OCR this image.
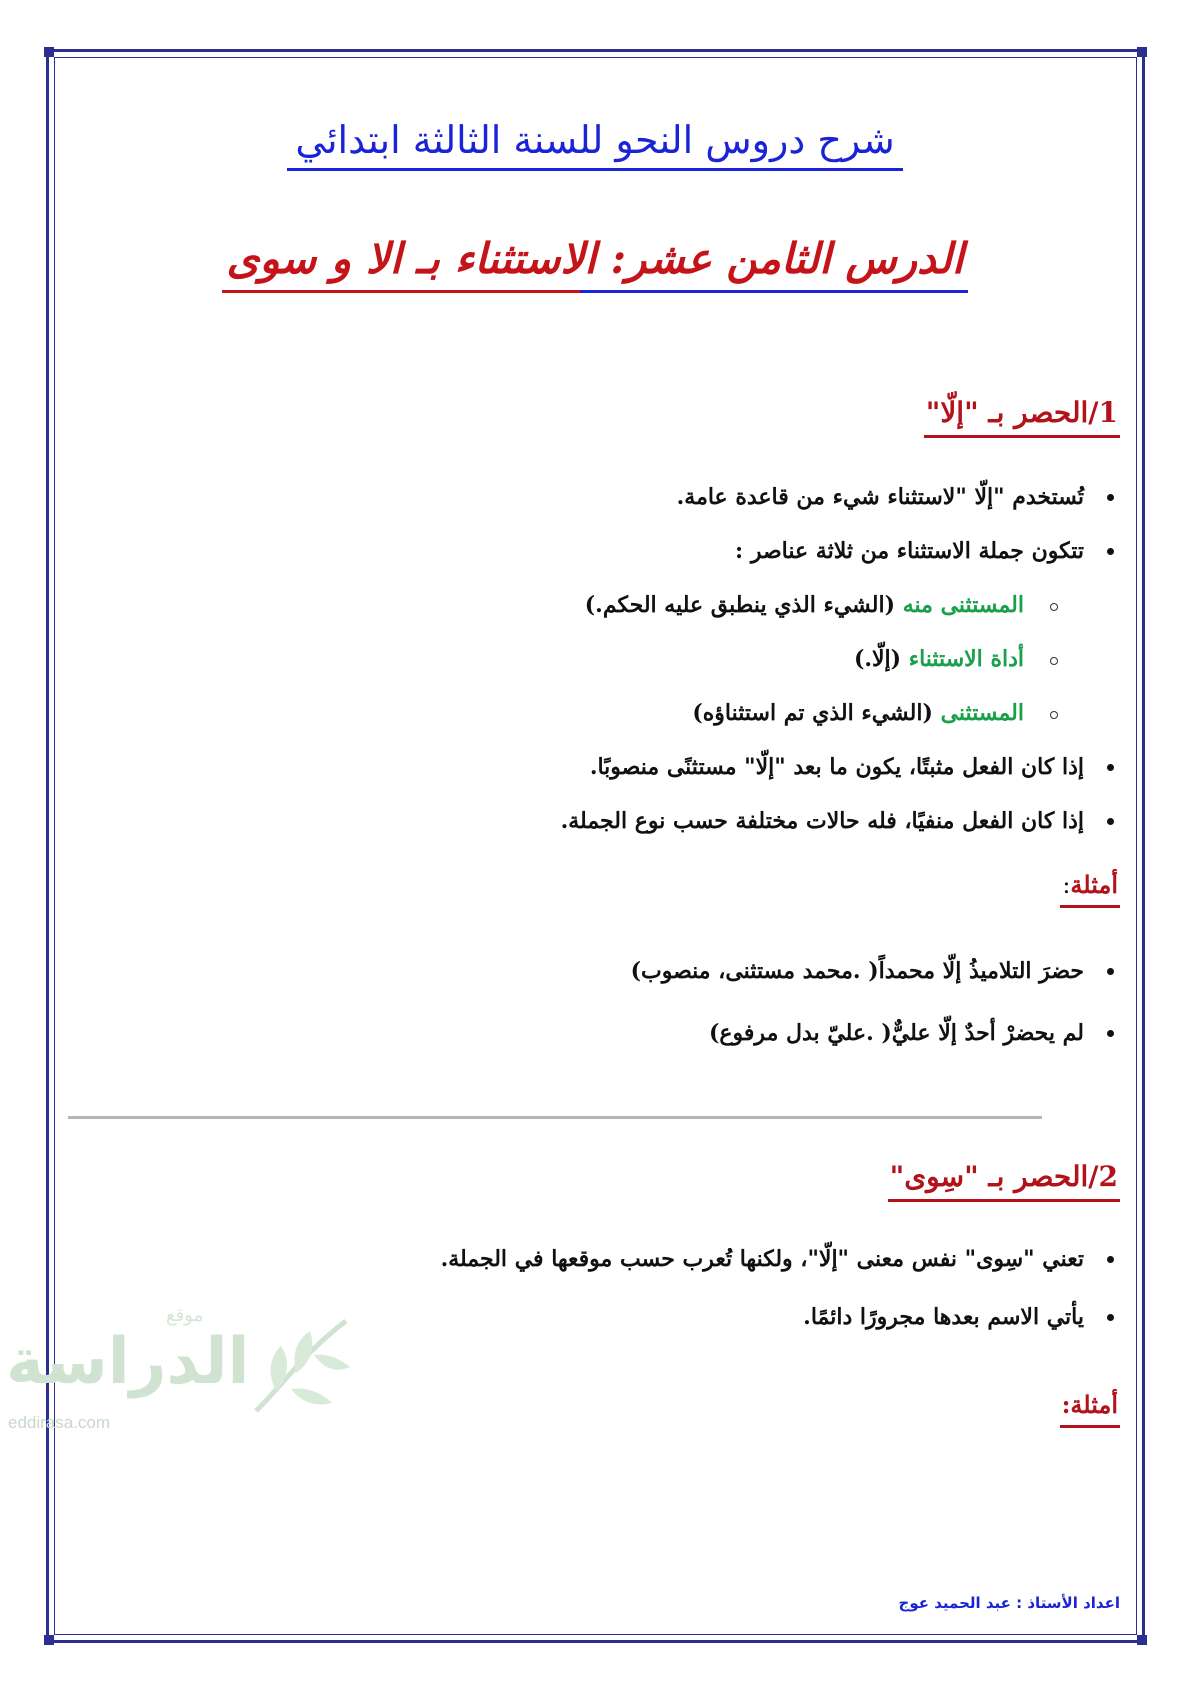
شرح دروس النحو للسنة الثالثة ابتدائي
الدرس الثامن عشر: الاستثناء بـ الا و سوى
1/الحصر بـ "إلّا"
تُستخدم "إلّا "لاستثناء شيء من قاعدة عامة.
تتكون جملة الاستثناء من ثلاثة عناصر :
المستثنى منه (الشيء الذي ينطبق عليه الحكم.)
أداة الاستثناء (إلّا.)
المستثنى (الشيء الذي تم استثناؤه)
إذا كان الفعل مثبتًا، يكون ما بعد "إلّا" مستثنًى منصوبًا.
إذا كان الفعل منفيًا، فله حالات مختلفة حسب نوع الجملة.
أمثلة:
حضرَ التلاميذُ إلّا محمداً( .محمد مستثنى، منصوب)
لم يحضرْ أحدٌ إلّا عليٌّ( .عليّ بدل مرفوع)
2/الحصر بـ "سِوى"
تعني "سِوى" نفس معنى "إلّا"، ولكنها تُعرب حسب موقعها في الجملة.
يأتي الاسم بعدها مجرورًا دائمًا.
أمثلة:
اعداد الأستاذ : عبد الحميد عوج
موقع
الدراسة
eddirasa.com
